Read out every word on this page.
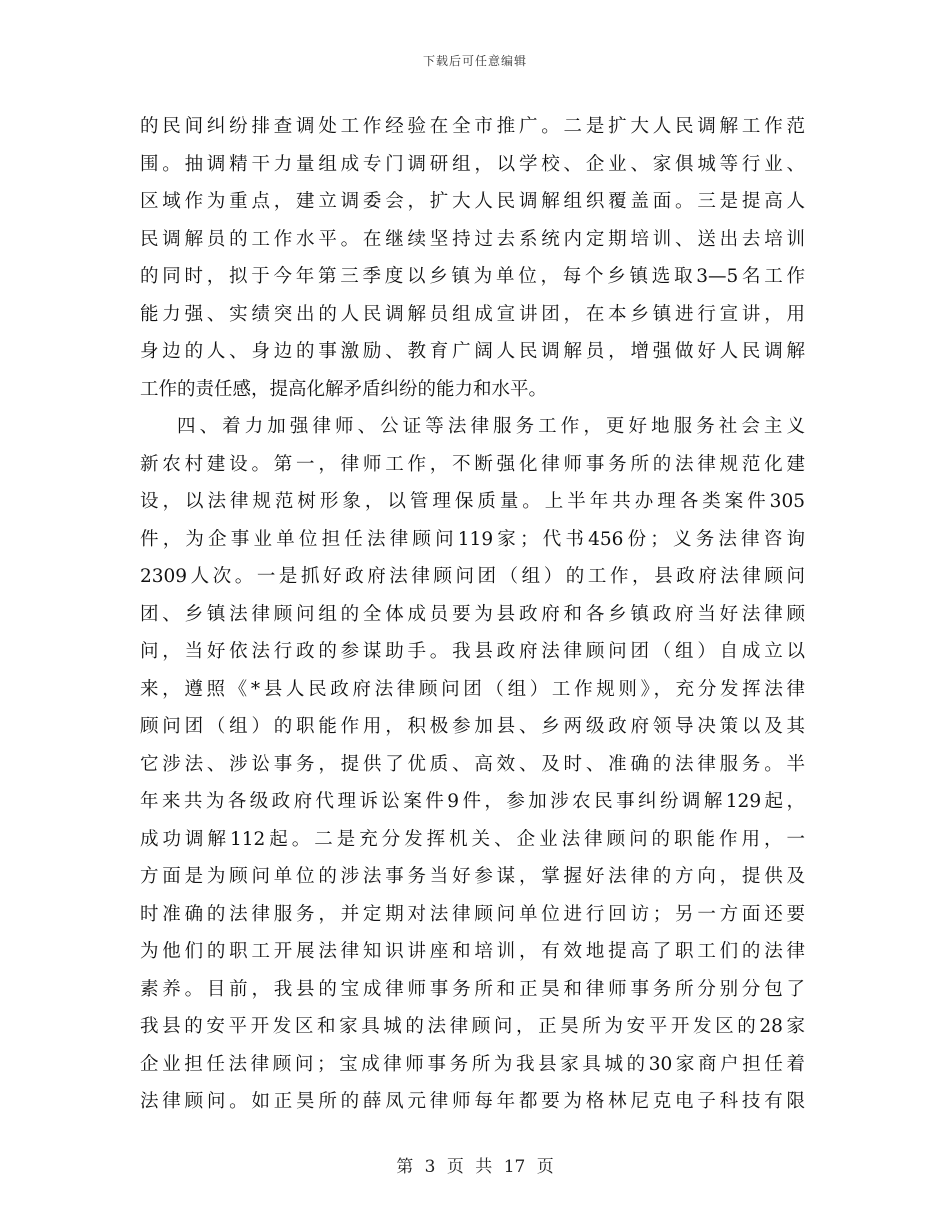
下载后可任意编辑
的民间纠纷排查调处工作经验在全市推广。二是扩大人民调解工作范
围。抽调精干力量组成专门调研组，以学校、企业、家俱城等行业、
区域作为重点，建立调委会，扩大人民调解组织覆盖面。三是提高人
民调解员的工作水平。在继续坚持过去系统内定期培训、送出去培训
的同时，拟于今年第三季度以乡镇为单位，每个乡镇选取3—5名工作
能力强、实绩突出的人民调解员组成宣讲团，在本乡镇进行宣讲，用
身边的人、身边的事激励、教育广阔人民调解员，增强做好人民调解
工作的责任感，提高化解矛盾纠纷的能力和水平。
四、着力加强律师、公证等法律服务工作，更好地服务社会主义
新农村建设。第一，律师工作，不断强化律师事务所的法律规范化建
设，以法律规范树形象，以管理保质量。上半年共办理各类案件305
件，为企事业单位担任法律顾问119家；代书456份；义务法律咨询
2309人次。一是抓好政府法律顾问团（组）的工作，县政府法律顾问
团、乡镇法律顾问组的全体成员要为县政府和各乡镇政府当好法律顾
问，当好依法行政的参谋助手。我县政府法律顾问团（组）自成立以
来，遵照《*县人民政府法律顾问团（组）工作规则》，充分发挥法律
顾问团（组）的职能作用，积极参加县、乡两级政府领导决策以及其
它涉法、涉讼事务，提供了优质、高效、及时、准确的法律服务。半
年来共为各级政府代理诉讼案件9件，参加涉农民事纠纷调解129起，
成功调解112起。二是充分发挥机关、企业法律顾问的职能作用，一
方面是为顾问单位的涉法事务当好参谋，掌握好法律的方向，提供及
时准确的法律服务，并定期对法律顾问单位进行回访；另一方面还要
为他们的职工开展法律知识讲座和培训，有效地提高了职工们的法律
素养。目前，我县的宝成律师事务所和正昊和律师事务所分别分包了
我县的安平开发区和家具城的法律顾问，正昊所为安平开发区的28家
企业担任法律顾问；宝成律师事务所为我县家具城的30家商户担任着
法律顾问。如正昊所的薛凤元律师每年都要为格林尼克电子科技有限
第 3 页 共 17 页
